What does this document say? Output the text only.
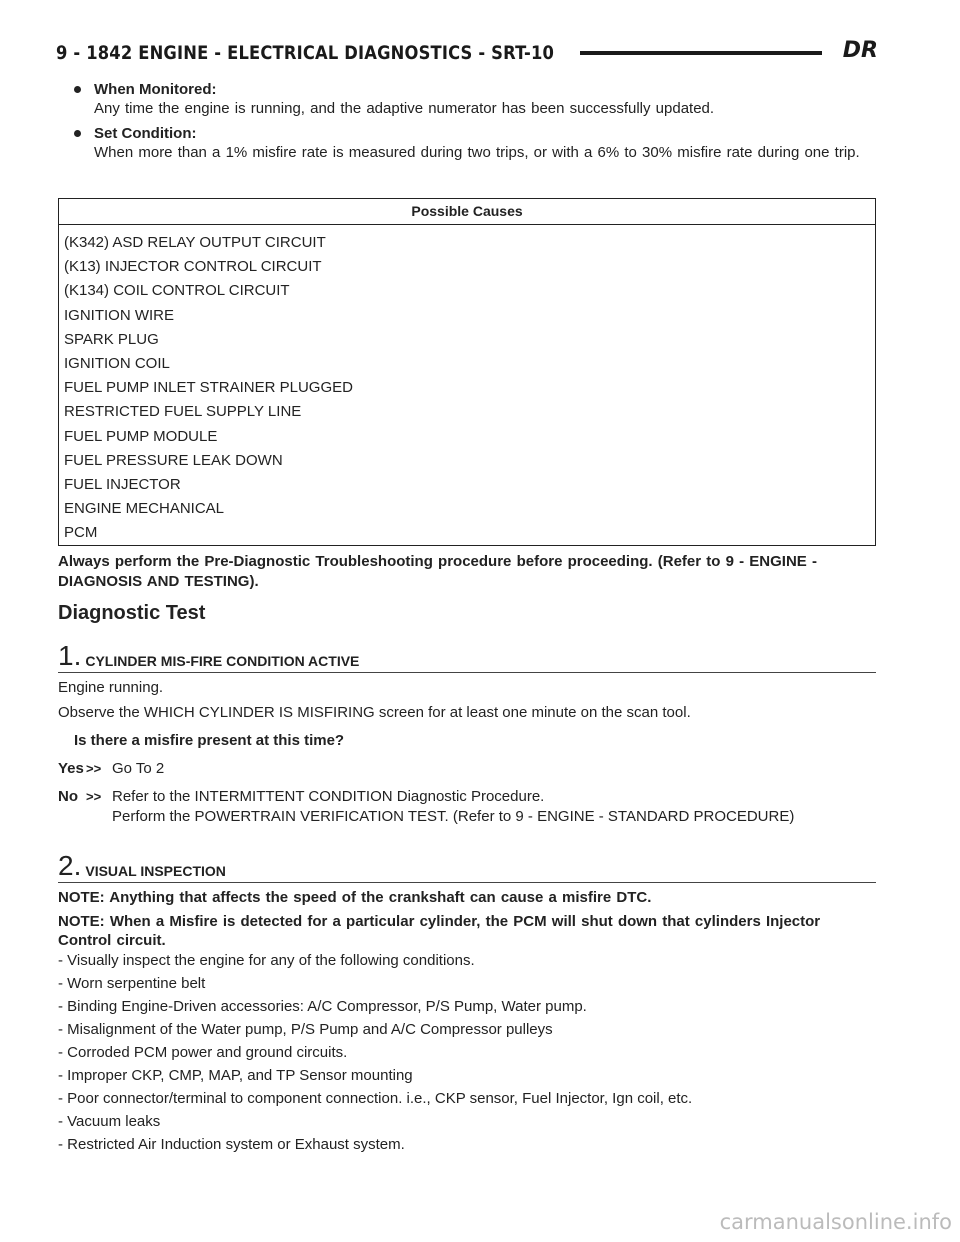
9 - 1842 ENGINE - ELECTRICAL DIAGNOSTICS - SRT-10	DR
When Monitored:
Any time the engine is running, and the adaptive numerator has been successfully updated.
Set Condition:
When more than a 1% misfire rate is measured during two trips, or with a 6% to 30% misfire rate during one trip.
Possible Causes
(K342) ASD RELAY OUTPUT CIRCUIT
(K13) INJECTOR CONTROL CIRCUIT
(K134) COIL CONTROL CIRCUIT
IGNITION WIRE
SPARK PLUG
IGNITION COIL
FUEL PUMP INLET STRAINER PLUGGED
RESTRICTED FUEL SUPPLY LINE
FUEL PUMP MODULE
FUEL PRESSURE LEAK DOWN
FUEL INJECTOR
ENGINE MECHANICAL
PCM
Always perform the Pre-Diagnostic Troubleshooting procedure before proceeding. (Refer to 9 - ENGINE - DIAGNOSIS AND TESTING).
Diagnostic Test
1. CYLINDER MIS-FIRE CONDITION ACTIVE
Engine running.
Observe the WHICH CYLINDER IS MISFIRING screen for at least one minute on the scan tool.
Is there a misfire present at this time?
Yes >> Go To 2
No >> Refer to the INTERMITTENT CONDITION Diagnostic Procedure.
Perform the POWERTRAIN VERIFICATION TEST. (Refer to 9 - ENGINE - STANDARD PROCEDURE)
2. VISUAL INSPECTION
NOTE: Anything that affects the speed of the crankshaft can cause a misfire DTC.
NOTE: When a Misfire is detected for a particular cylinder, the PCM will shut down that cylinders Injector Control circuit.
- Visually inspect the engine for any of the following conditions.
- Worn serpentine belt
- Binding Engine-Driven accessories: A/C Compressor, P/S Pump, Water pump.
- Misalignment of the Water pump, P/S Pump and A/C Compressor pulleys
- Corroded PCM power and ground circuits.
- Improper CKP, CMP, MAP, and TP Sensor mounting
- Poor connector/terminal to component connection. i.e., CKP sensor, Fuel Injector, Ign coil, etc.
- Vacuum leaks
- Restricted Air Induction system or Exhaust system.
carmanualsonline.info
